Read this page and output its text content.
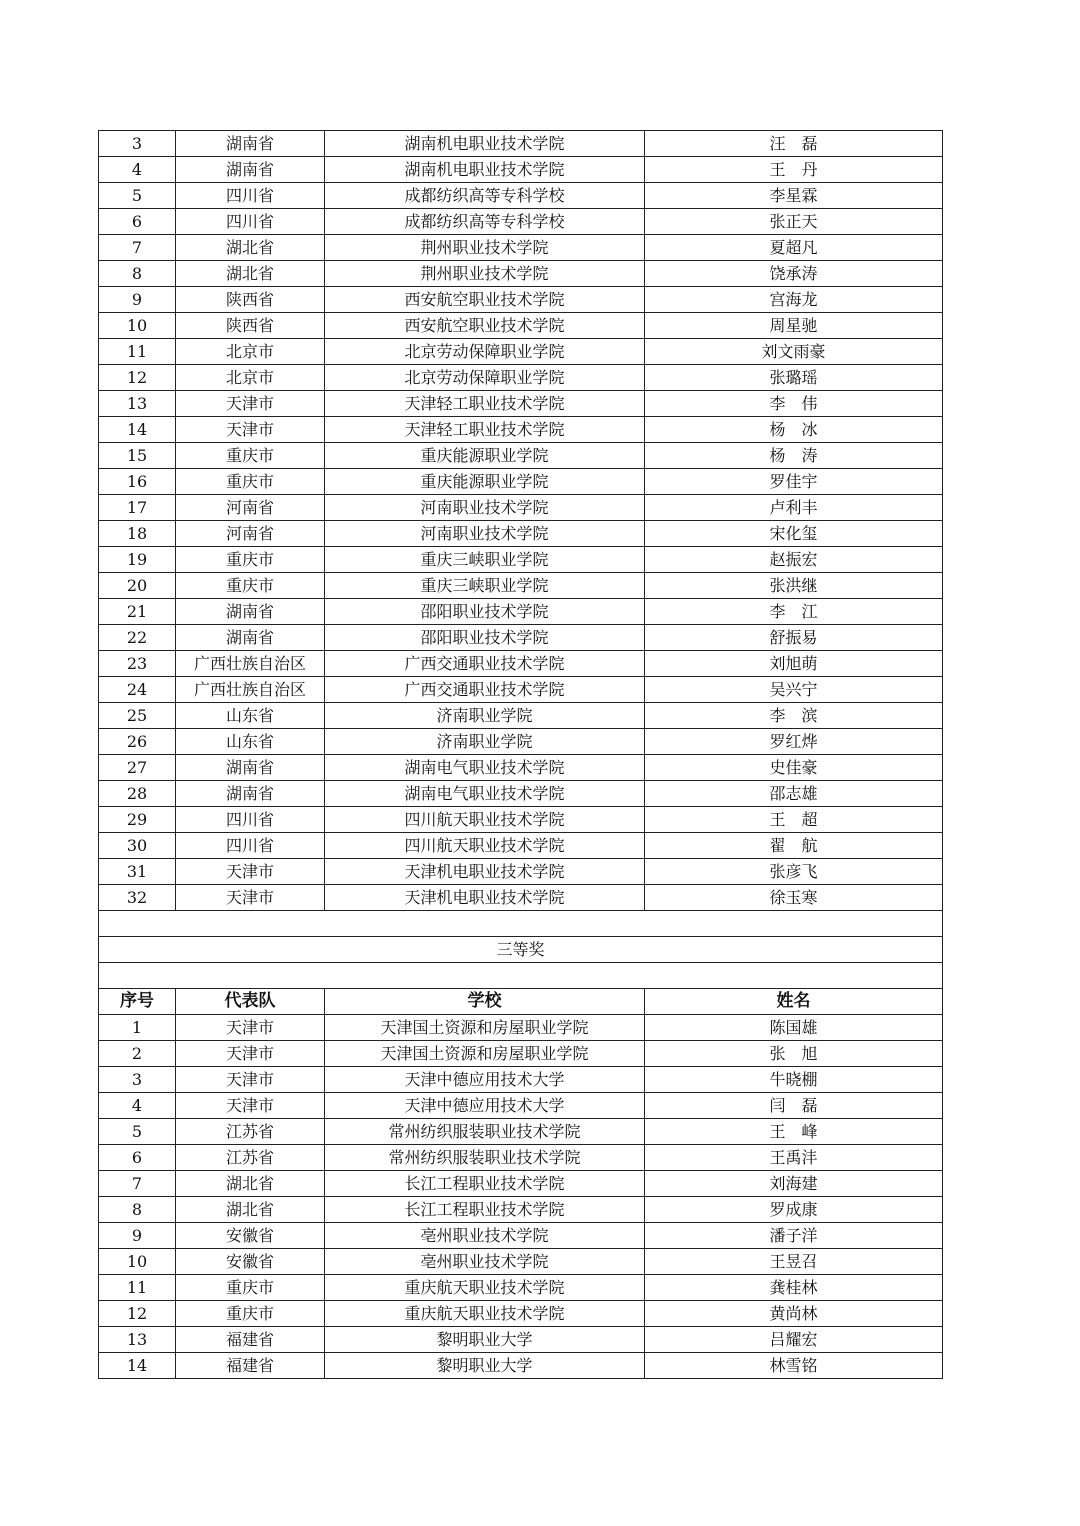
3	湖南省	湖南机电职业技术学院	汪　磊
4	湖南省	湖南机电职业技术学院	王　丹
5	四川省	成都纺织高等专科学校	李星霖
6	四川省	成都纺织高等专科学校	张正天
7	湖北省	荆州职业技术学院	夏超凡
8	湖北省	荆州职业技术学院	饶承涛
9	陕西省	西安航空职业技术学院	宫海龙
10	陕西省	西安航空职业技术学院	周星驰
11	北京市	北京劳动保障职业学院	刘文雨豪
12	北京市	北京劳动保障职业学院	张璐瑶
13	天津市	天津轻工职业技术学院	李　伟
14	天津市	天津轻工职业技术学院	杨　冰
15	重庆市	重庆能源职业学院	杨　涛
16	重庆市	重庆能源职业学院	罗佳宇
17	河南省	河南职业技术学院	卢利丰
18	河南省	河南职业技术学院	宋化玺
19	重庆市	重庆三峡职业学院	赵振宏
20	重庆市	重庆三峡职业学院	张洪继
21	湖南省	邵阳职业技术学院	李　江
22	湖南省	邵阳职业技术学院	舒振易
23	广西壮族自治区	广西交通职业技术学院	刘旭萌
24	广西壮族自治区	广西交通职业技术学院	吴兴宁
25	山东省	济南职业学院	李　滨
26	山东省	济南职业学院	罗红烨
27	湖南省	湖南电气职业技术学院	史佳豪
28	湖南省	湖南电气职业技术学院	邵志雄
29	四川省	四川航天职业技术学院	王　超
30	四川省	四川航天职业技术学院	翟　航
31	天津市	天津机电职业技术学院	张彦飞
32	天津市	天津机电职业技术学院	徐玉寒

三等奖			

序号	代表队	学校	姓名
1	天津市	天津国土资源和房屋职业学院	陈国雄
2	天津市	天津国土资源和房屋职业学院	张　旭
3	天津市	天津中德应用技术大学	牛晓棚
4	天津市	天津中德应用技术大学	闫　磊
5	江苏省	常州纺织服装职业技术学院	王　峰
6	江苏省	常州纺织服装职业技术学院	王禹沣
7	湖北省	长江工程职业技术学院	刘海建
8	湖北省	长江工程职业技术学院	罗成康
9	安徽省	亳州职业技术学院	潘子洋
10	安徽省	亳州职业技术学院	王昱召
11	重庆市	重庆航天职业技术学院	龚桂林
12	重庆市	重庆航天职业技术学院	黄尚林
13	福建省	黎明职业大学	吕耀宏
14	福建省	黎明职业大学	林雪铭
